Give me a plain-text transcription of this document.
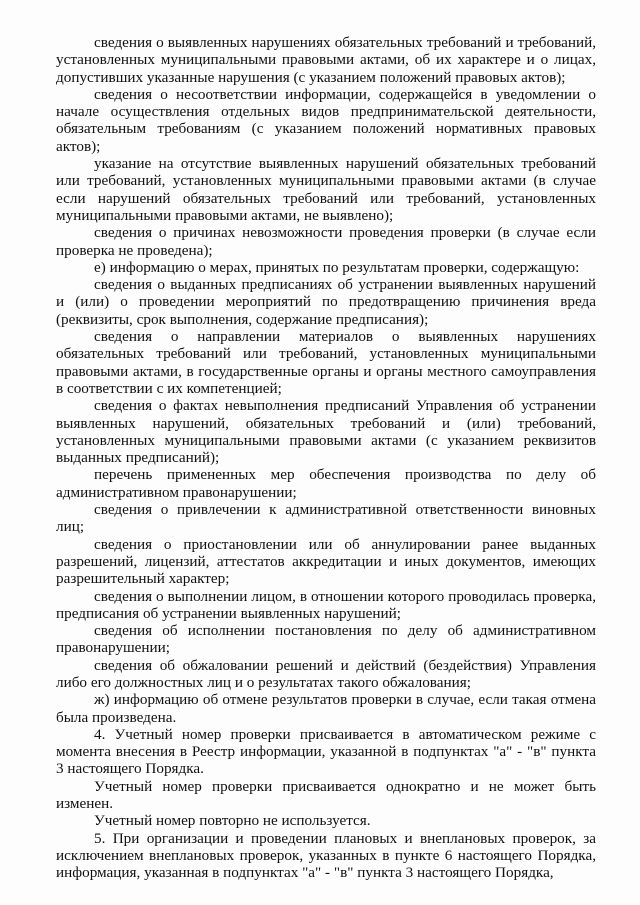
сведения о выявленных нарушениях обязательных требований и требований, установленных муниципальными правовыми актами, об их характере и о лицах, допустивших указанные нарушения (с указанием положений правовых актов);

сведения о несоответствии информации, содержащейся в уведомлении о начале осуществления отдельных видов предпринимательской деятельности, обязательным требованиям (с указанием положений нормативных правовых актов);

указание на отсутствие выявленных нарушений обязательных требований или требований, установленных муниципальными правовыми актами (в случае если нарушений обязательных требований или требований, установленных муниципальными правовыми актами, не выявлено);

сведения о причинах невозможности проведения проверки (в случае если проверка не проведена);

е) информацию о мерах, принятых по результатам проверки, содержащую:

сведения о выданных предписаниях об устранении выявленных нарушений и (или) о проведении мероприятий по предотвращению причинения вреда (реквизиты, срок выполнения, содержание предписания);

сведения о направлении материалов о выявленных нарушениях обязательных требований или требований, установленных муниципальными правовыми актами, в государственные органы и органы местного самоуправления в соответствии с их компетенцией;

сведения о фактах невыполнения предписаний Управления об устранении выявленных нарушений, обязательных требований и (или) требований, установленных муниципальными правовыми актами (с указанием реквизитов выданных предписаний);

перечень примененных мер обеспечения производства по делу об административном правонарушении;

сведения о привлечении к административной ответственности виновных лиц;

сведения о приостановлении или об аннулировании ранее выданных разрешений, лицензий, аттестатов аккредитации и иных документов, имеющих разрешительный характер;

сведения о выполнении лицом, в отношении которого проводилась проверка, предписания об устранении выявленных нарушений;

сведения об исполнении постановления по делу об административном правонарушении;

сведения об обжаловании решений и действий (бездействия) Управления либо его должностных лиц и о результатах такого обжалования;

ж) информацию об отмене результатов проверки в случае, если такая отмена была произведена.

4. Учетный номер проверки присваивается в автоматическом режиме с момента внесения в Реестр информации, указанной в подпунктах "а" - "в" пункта 3 настоящего Порядка.

Учетный номер проверки присваивается однократно и не может быть изменен.

Учетный номер повторно не используется.

5. При организации и проведении плановых и внеплановых проверок, за исключением внеплановых проверок, указанных в пункте 6 настоящего Порядка, информация, указанная в подпунктах "а" - "в" пункта 3 настоящего Порядка,
